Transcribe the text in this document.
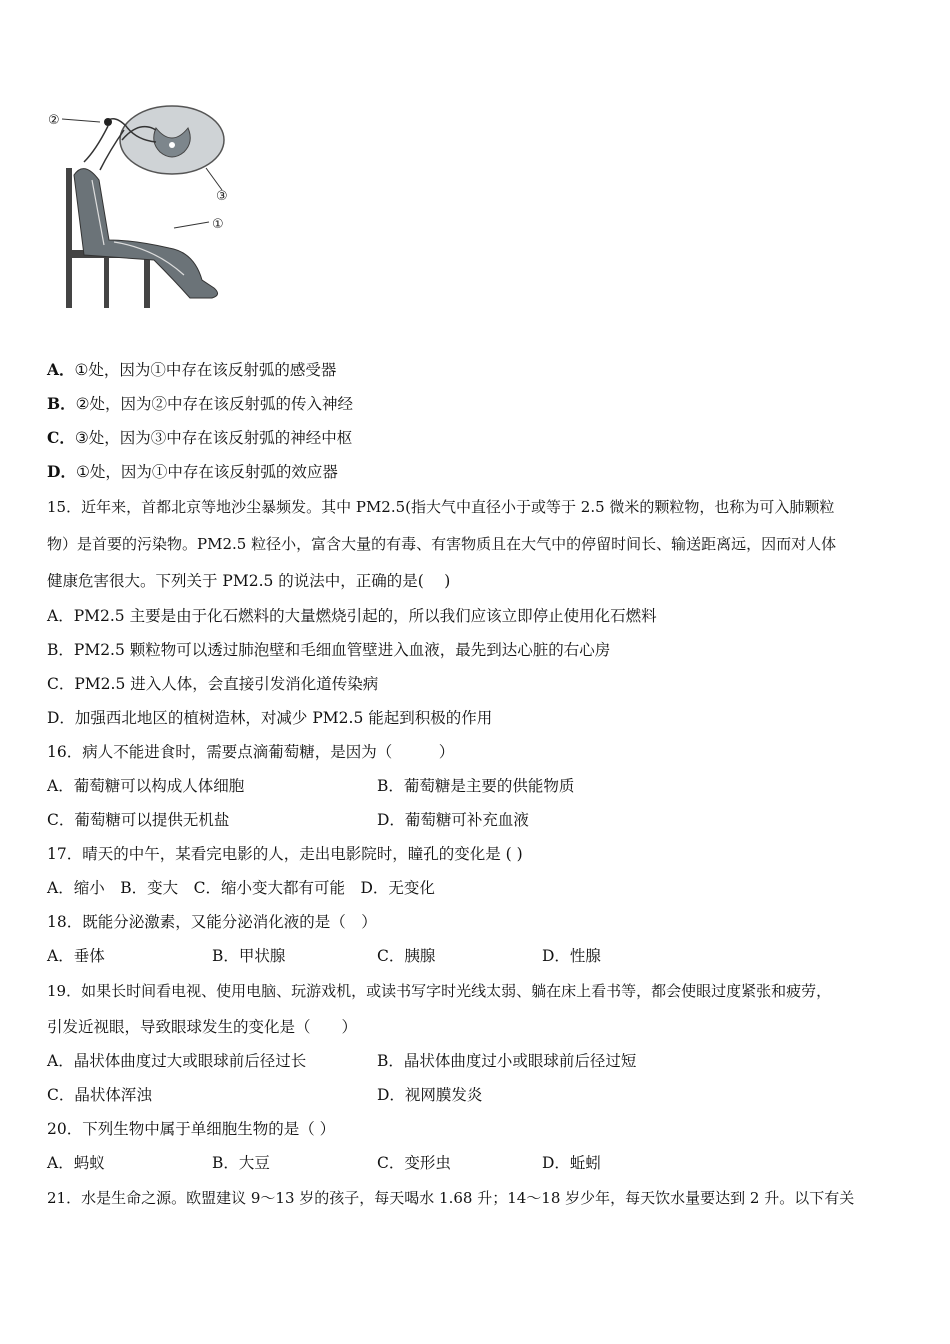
②
③
①
A．①处，因为①中存在该反射弧的感受器
B．②处，因为②中存在该反射弧的传入神经
C．③处，因为③中存在该反射弧的神经中枢
D．①处，因为①中存在该反射弧的效应器
15．近年来，首都北京等地沙尘暴频发。其中 PM2.5(指大气中直径小于或等于 2.5 微米的颗粒物，也称为可入肺颗粒
物）是首要的污染物。PM2.5 粒径小，富含大量的有毒、有害物质且在大气中的停留时间长、输送距离远，因而对人体
健康危害很大。下列关于 PM2.5 的说法中，正确的是(　 )
A．PM2.5 主要是由于化石燃料的大量燃烧引起的，所以我们应该立即停止使用化石燃料
B．PM2.5 颗粒物可以透过肺泡壁和毛细血管壁进入血液，最先到达心脏的右心房
C．PM2.5 进入人体，会直接引发消化道传染病
D．加强西北地区的植树造林，对减少 PM2.5 能起到积极的作用
16．病人不能进食时，需要点滴葡萄糖，是因为（　　　）
A．葡萄糖可以构成人体细胞	B．葡萄糖是主要的供能物质
C．葡萄糖可以提供无机盐	D．葡萄糖可补充血液
17．晴天的中午，某看完电影的人，走出电影院时，瞳孔的变化是 ( )
A．缩小　B．变大　C．缩小变大都有可能　D．无变化
18．既能分泌激素，又能分泌消化液的是（　）
A．垂体	B．甲状腺	C．胰腺	D．性腺
19．如果长时间看电视、使用电脑、玩游戏机，或读书写字时光线太弱、躺在床上看书等，都会使眼过度紧张和疲劳，
引发近视眼，导致眼球发生的变化是（　　）
A．晶状体曲度过大或眼球前后径过长	B．晶状体曲度过小或眼球前后径过短
C．晶状体浑浊	D．视网膜发炎
20．下列生物中属于单细胞生物的是（ ）
A．蚂蚁	B．大豆	C．变形虫	D．蚯蚓
21．水是生命之源。欧盟建议 9～13 岁的孩子，每天喝水 1.68 升；14～18 岁少年，每天饮水量要达到 2 升。以下有关
